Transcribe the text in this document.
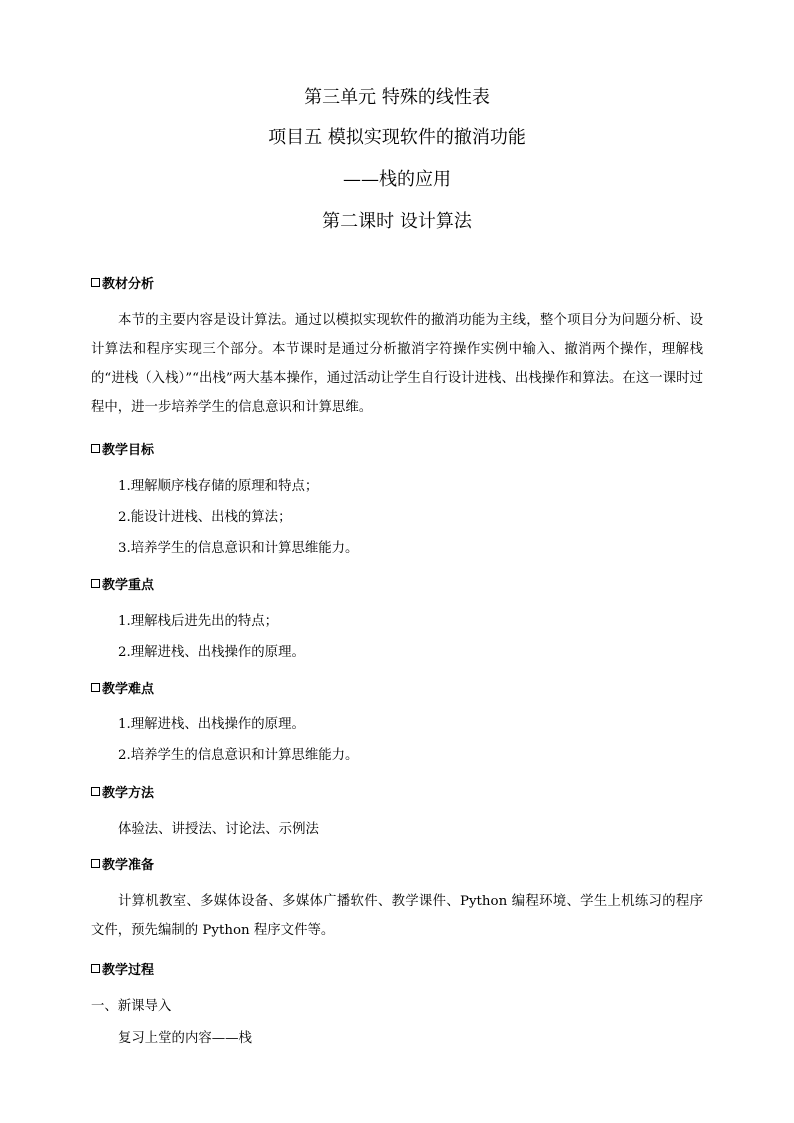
第三单元 特殊的线性表
项目五 模拟实现软件的撤消功能
——栈的应用
第二课时 设计算法
教材分析
本节的主要内容是设计算法。通过以模拟实现软件的撤消功能为主线，整个项目分为问题分析、设计算法和程序实现三个部分。本节课时是通过分析撤消字符操作实例中输入、撤消两个操作，理解栈的“进栈（入栈）”“出栈”两大基本操作，通过活动让学生自行设计进栈、出栈操作和算法。在这一课时过程中，进一步培养学生的信息意识和计算思维。
教学目标
1.理解顺序栈存储的原理和特点；
2.能设计进栈、出栈的算法；
3.培养学生的信息意识和计算思维能力。
教学重点
1.理解栈后进先出的特点；
2.理解进栈、出栈操作的原理。
教学难点
1.理解进栈、出栈操作的原理。
2.培养学生的信息意识和计算思维能力。
教学方法
体验法、讲授法、讨论法、示例法
教学准备
计算机教室、多媒体设备、多媒体广播软件、教学课件、Python 编程环境、学生上机练习的程序文件，预先编制的 Python 程序文件等。
教学过程
一、新课导入
复习上堂的内容——栈
